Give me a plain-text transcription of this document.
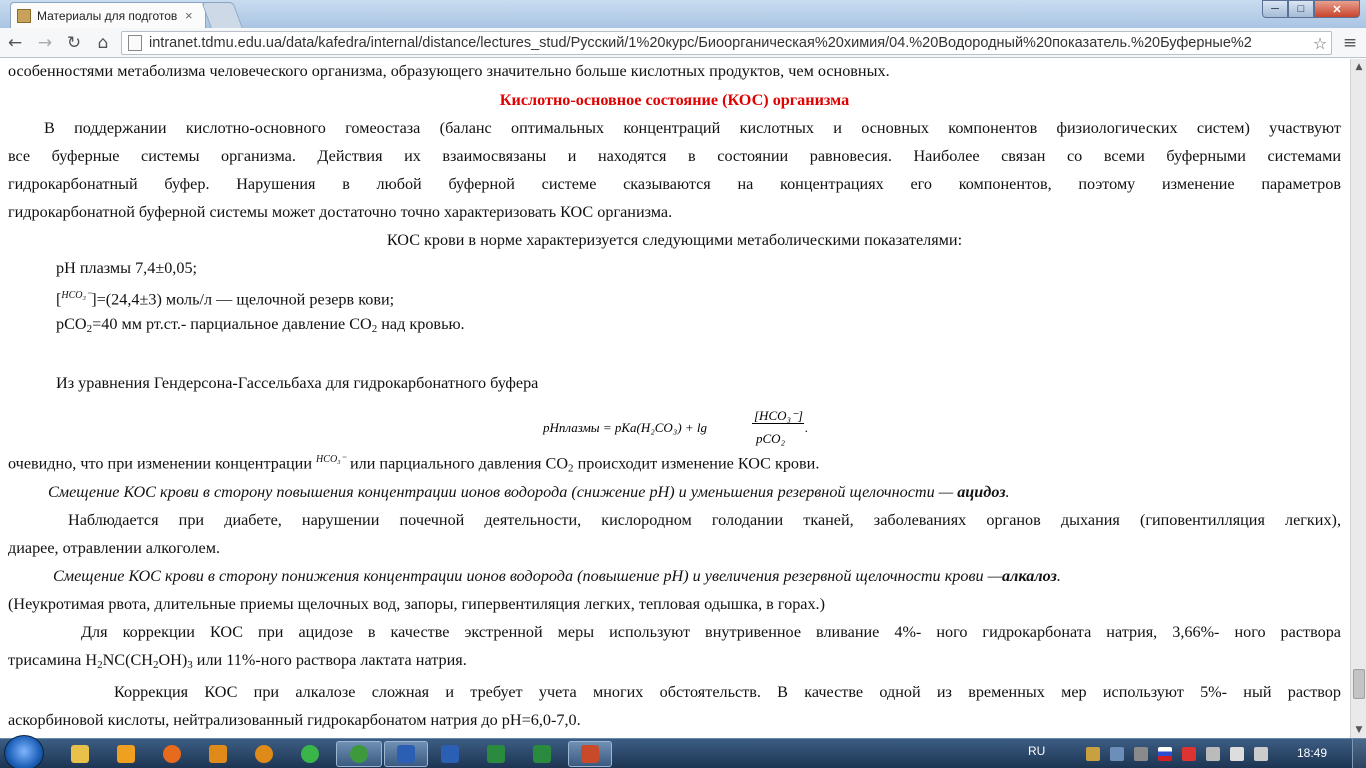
Материалы для подготов ×	─	□	✕
← → ↻ ⌂	intranet.tdmu.edu.ua/data/kafedra/internal/distance/lectures_stud/Русский/1%20курс/Биоорганическая%20химия/04.%20Водородный%20показатель.%20Буферные%2	☆ ≡
особенностями метаболизма человеческого организма, образующего значительно больше кислотных продуктов, чем основных.
Кислотно-основное состояние (КОС) организма
В поддержании кислотно-основного гомеостаза (баланс оптимальных концентраций кислотных и основных компонентов физиологических систем) участвуют
все буферные системы организма. Действия их взаимосвязаны и находятся в состоянии равновесия. Наиболее связан со всеми буферными системами
гидрокарбонатный буфер. Нарушения в любой буферной системе сказываются на концентрациях его компонентов, поэтому изменение параметров
гидрокарбонатной буферной системы может достаточно точно характеризовать КОС организма.
КОС крови в норме характеризуется следующими метаболическими показателями:
pH плазмы 7,4±0,05;
[$^{HCO_3^-}$]=(24,4±3) моль/л — щелочной резерв кови;
pCO$_2$=40 мм рт.ст.- парциальное давление $СО_2$ над кровью.
Из уравнения Гендерсона-Гассельбаха для гидрокарбонатного буфера
pHплазмы = pKa(H₂CO₃) + lg
[HCO₃⁻]
pCO₂
.
очевидно, что при изменении концентрации $^{HCO_3^-}$ или парциального давления $СО_2$ происходит изменение КОС крови.
Смещение КОС крови в сторону повышения концентрации ионов водорода (снижение pH) и уменьшения резервной щелочности — ацидоз.
Наблюдается при диабете, нарушении почечной деятельности, кислородном голодании тканей, заболеваниях органов дыхания (гиповентилляция легких),
диарее, отравлении алкоголем.
Смещение КОС крови в сторону понижения концентрации ионов водорода (повышение pH) и увеличения резервной щелочности крови —алкалоз.
(Неукротимая рвота, длительные приемы щелочных вод, запоры, гипервентиляция легких, тепловая одышка, в горах.)
Для коррекции КОС при ацидозе в качестве экстренной меры используют внутривенное вливание 4%- ного гидрокарбоната натрия, 3,66%- ного раствора
трисамина $H_2NC(CH_2OH)_3$ или 11%-ного раствора лактата натрия.
Коррекция КОС при алкалозе сложная и требует учета многих обстоятельств. В качестве одной из временных мер используют 5%- ный раствор
аскорбиновой кислоты, нейтрализованный гидрокарбонатом натрия до pH=6,0-7,0.
▲
▼
RU	18:49
